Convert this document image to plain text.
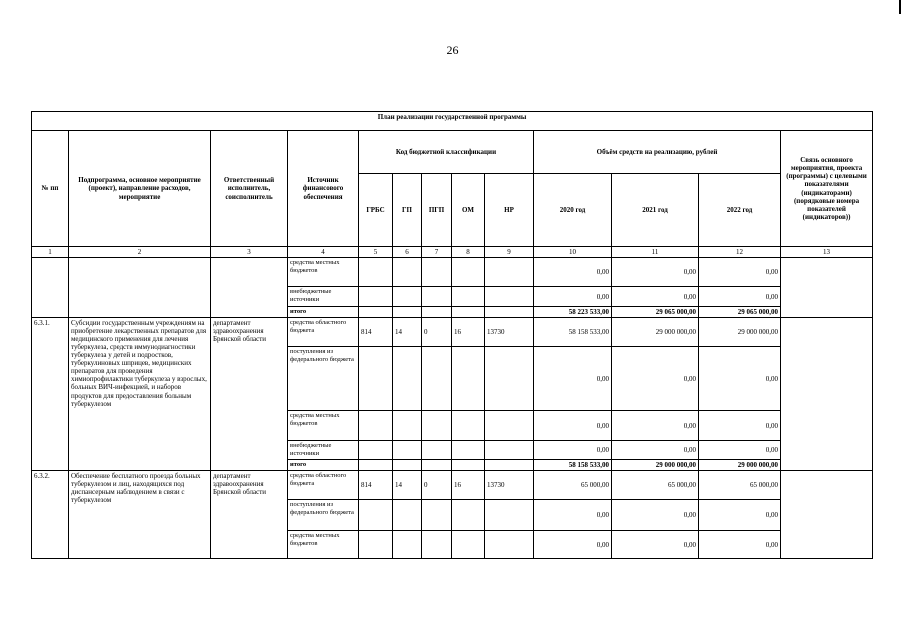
26
План реализации государственной программы												
№ пп	Подпрограмма, основное мероприятие (проект), направление расходов, мероприятие	Ответственный исполнитель, соисполнитель	Источник финансового обеспечения	Код бюджетной классификации					Объём средств на реализацию, рублей			Связь основного мероприятия, проекта (программы) с целевыми показателями (индикаторами) (порядковые номера показателей (индикаторов))
				ГРБС	ГП	ПГП	ОМ	НР	2020 год	2021 год	2022 год	
1	2	3	4	5	6	7	8	9	10	11	12	13
			средства местных бюджетов						0,00	0,00	0,00	
			внебюджетные источники						0,00	0,00	0,00	
			итого						58 223 533,00	29 065 000,00	29 065 000,00	
6.3.1.	Субсидии государственным учреждениям на приобретение лекарственных препаратов для медицинского применения для лечения туберкулеза, средств иммунодиагностики туберкулеза у детей и подростков, туберкулиновых шприцев, медицинских препаратов для проведения химиопрофилактики туберкулеза у взрослых, больных ВИЧ-инфекцией, и наборов продуктов для предоставления больным туберкулезом	департамент здравоохранения Брянской области	средства областного бюджета	814	14	0	16	13730	58 158 533,00	29 000 000,00	29 000 000,00	
			поступления из федерального бюджета						0,00	0,00	0,00	
			средства местных бюджетов						0,00	0,00	0,00	
			внебюджетные источники						0,00	0,00	0,00	
			итого						58 158 533,00	29 000 000,00	29 000 000,00	
6.3.2.	Обеспечение бесплатного проезда больных туберкулезом и лиц, находящихся под диспансерным наблюдением в связи с туберкулезом	департамент здравоохранения Брянской области	средства областного бюджета	814	14	0	16	13730	65 000,00	65 000,00	65 000,00	
			поступления из федерального бюджета						0,00	0,00	0,00	
			средства местных бюджетов						0,00	0,00	0,00	
